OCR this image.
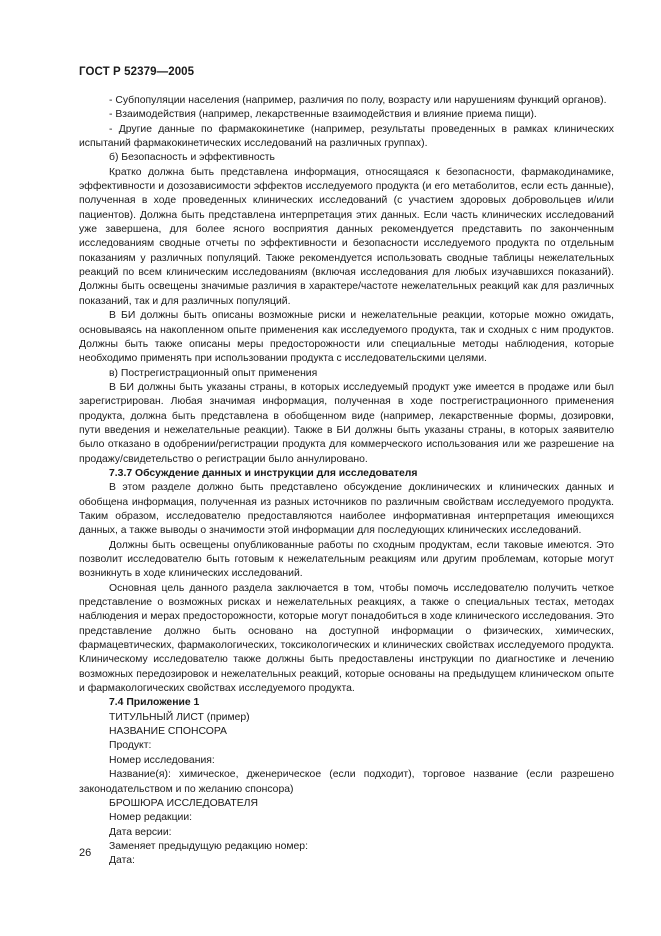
ГОСТ Р 52379—2005

- Субпопуляции населения (например, различия по полу, возрасту или нарушениям функций органов).

- Взаимодействия (например, лекарственные взаимодействия и влияние приема пищи).

- Другие данные по фармакокинетике (например, результаты проведенных в рамках клинических испытаний фармакокинетических исследований на различных группах).

б) Безопасность и эффективность

Кратко должна быть представлена информация, относящаяся к безопасности, фармакодинамике, эффективности и дозозависимости эффектов исследуемого продукта (и его метаболитов, если есть данные), полученная в ходе проведенных клинических исследований (с участием здоровых добровольцев и/или пациентов). Должна быть представлена интерпретация этих данных. Если часть клинических исследований уже завершена, для более ясного восприятия данных рекомендуется представить по законченным исследованиям сводные отчеты по эффективности и безопасности исследуемого продукта по отдельным показаниям у различных популяций. Также рекомендуется использовать сводные таблицы нежелательных реакций по всем клиническим исследованиям (включая исследования для любых изучавшихся показаний). Должны быть освещены значимые различия в характере/частоте нежелательных реакций как для различных показаний, так и для различных популяций.

В БИ должны быть описаны возможные риски и нежелательные реакции, которые можно ожидать, основываясь на накопленном опыте применения как исследуемого продукта, так и сходных с ним продуктов. Должны быть также описаны меры предосторожности или специальные методы наблюдения, которые необходимо применять при использовании продукта с исследовательскими целями.

в) Пострегистрационный опыт применения

В БИ должны быть указаны страны, в которых исследуемый продукт уже имеется в продаже или был зарегистрирован. Любая значимая информация, полученная в ходе пострегистрационного применения продукта, должна быть представлена в обобщенном виде (например, лекарственные формы, дозировки, пути введения и нежелательные реакции). Также в БИ должны быть указаны страны, в которых заявителю было отказано в одобрении/регистрации продукта для коммерческого использования или же разрешение на продажу/свидетельство о регистрации было аннулировано.

7.3.7 Обсуждение данных и инструкции для исследователя

В этом разделе должно быть представлено обсуждение доклинических и клинических данных и обобщена информация, полученная из разных источников по различным свойствам исследуемого продукта. Таким образом, исследователю предоставляются наиболее информативная интерпретация имеющихся данных, а также выводы о значимости этой информации для последующих клинических исследований.

Должны быть освещены опубликованные работы по сходным продуктам, если таковые имеются. Это позволит исследователю быть готовым к нежелательным реакциям или другим проблемам, которые могут возникнуть в ходе клинических исследований.

Основная цель данного раздела заключается в том, чтобы помочь исследователю получить четкое представление о возможных рисках и нежелательных реакциях, а также о специальных тестах, методах наблюдения и мерах предосторожности, которые могут понадобиться в ходе клинического исследования. Это представление должно быть основано на доступной информации о физических, химических, фармацевтических, фармакологических, токсикологических и клинических свойствах исследуемого продукта. Клиническому исследователю также должны быть предоставлены инструкции по диагностике и лечению возможных передозировок и нежелательных реакций, которые основаны на предыдущем клиническом опыте и фармакологических свойствах исследуемого продукта.

7.4 Приложение 1

ТИТУЛЬНЫЙ ЛИСТ (пример)

НАЗВАНИЕ СПОНСОРА

Продукт:

Номер исследования:

Название(я): химическое, дженерическое (если подходит), торговое название (если разрешено законодательством и по желанию спонсора)

БРОШЮРА ИССЛЕДОВАТЕЛЯ

Номер редакции:

Дата версии:

Заменяет предыдущую редакцию номер:

Дата:

26
